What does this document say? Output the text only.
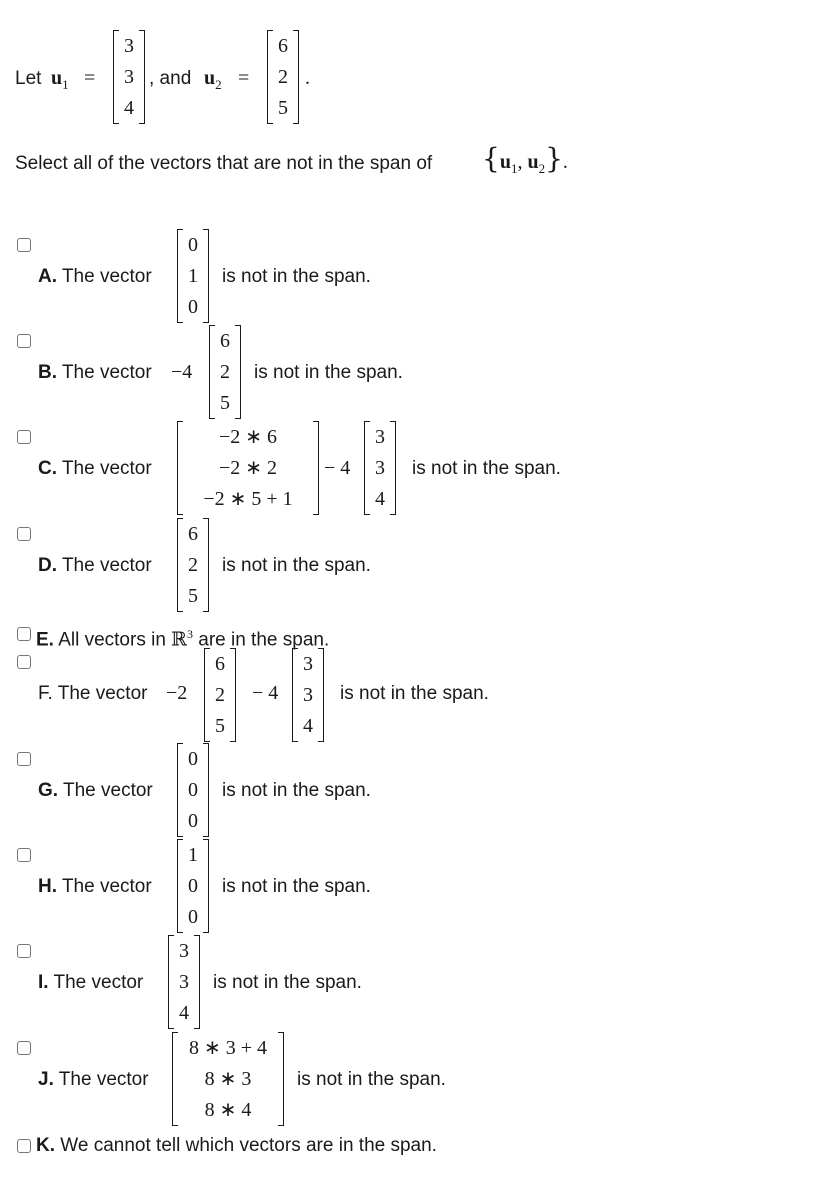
Let $u_1$ =
3
3
4
, and $u_2$ =
6
2
5
.
Select all of the vectors that are not in the span of {$u_1$, $u_2$}.
A. The vector
0
1
0
is not in the span.
B. The vector −4
6
2
5
is not in the span.
C. The vector
−2 ∗ 6
−2 ∗ 2
−2 ∗ 5 + 1
− 4
3
3
4
is not in the span.
D. The vector
6
2
5
is not in the span.
E. All vectors in ℝ$^3$ are in the span.
F. The vector −2
6
2
5
− 4
3
3
4
is not in the span.
G. The vector
0
0
0
is not in the span.
H. The vector
1
0
0
is not in the span.
I. The vector
3
3
4
is not in the span.
J. The vector
8 ∗ 3 + 4
8 ∗ 3
8 ∗ 4
is not in the span.
K. We cannot tell which vectors are in the span.
